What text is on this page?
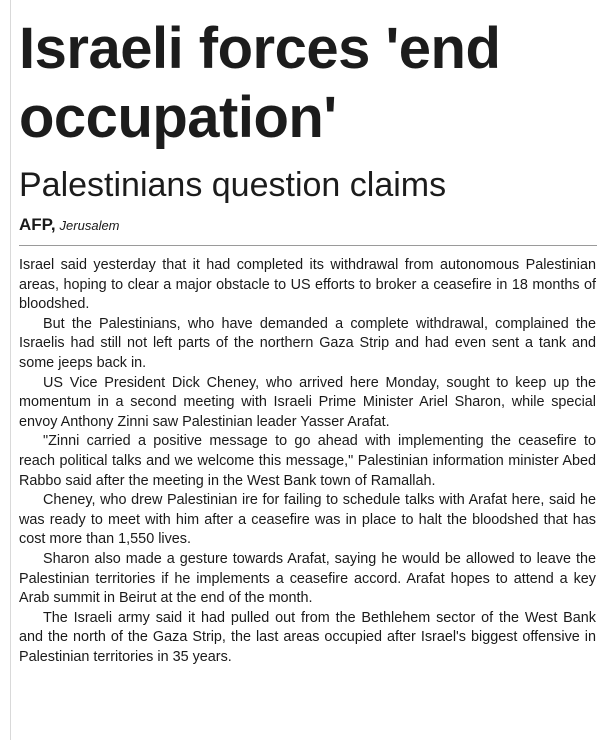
Israeli forces 'end occupation'
Palestinians question claims
AFP, Jerusalem

Israel said yesterday that it had completed its withdrawal from autonomous Palestinian areas, hoping to clear a major obstacle to US efforts to broker a ceasefire in 18 months of bloodshed.

But the Palestinians, who have demanded a complete withdrawal, complained the Israelis had still not left parts of the northern Gaza Strip and had even sent a tank and some jeeps back in.

US Vice President Dick Cheney, who arrived here Monday, sought to keep up the momentum in a second meeting with Israeli Prime Minister Ariel Sharon, while special envoy Anthony Zinni saw Palestinian leader Yasser Arafat.

"Zinni carried a positive message to go ahead with implementing the ceasefire to reach political talks and we welcome this message," Palestinian information minister Abed Rabbo said after the meeting in the West Bank town of Ramallah.

Cheney, who drew Palestinian ire for failing to schedule talks with Arafat here, said he was ready to meet with him after a ceasefire was in place to halt the bloodshed that has cost more than 1,550 lives.

Sharon also made a gesture towards Arafat, saying he would be allowed to leave the Palestinian territories if he implements a ceasefire accord. Arafat hopes to attend a key Arab summit in Beirut at the end of the month.

The Israeli army said it had pulled out from the Bethlehem sector of the West Bank and the north of the Gaza Strip, the last areas occupied after Israel's biggest offensive in Palestinian territories in 35 years.
